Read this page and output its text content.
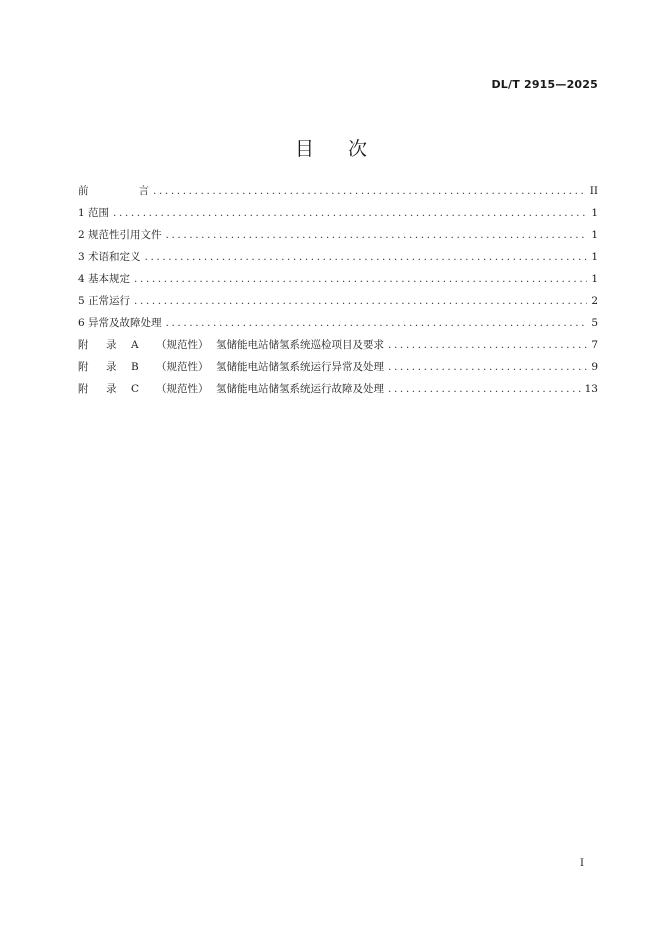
DL/T 2915—2025
目 次
前	言 .....	II
1 范围 .....	1
2 规范性引用文件 .....	1
3 术语和定义 .....	1
4 基本规定 .....	1
5 正常运行 .....	2
6 异常及故障处理 .....	5
附 录 A （规范性） 氢储能电站储氢系统巡检项目及要求 .....	7
附 录 B （规范性） 氢储能电站储氢系统运行异常及处理 .....	9
附 录 C （规范性） 氢储能电站储氢系统运行故障及处理 .....	13
I
